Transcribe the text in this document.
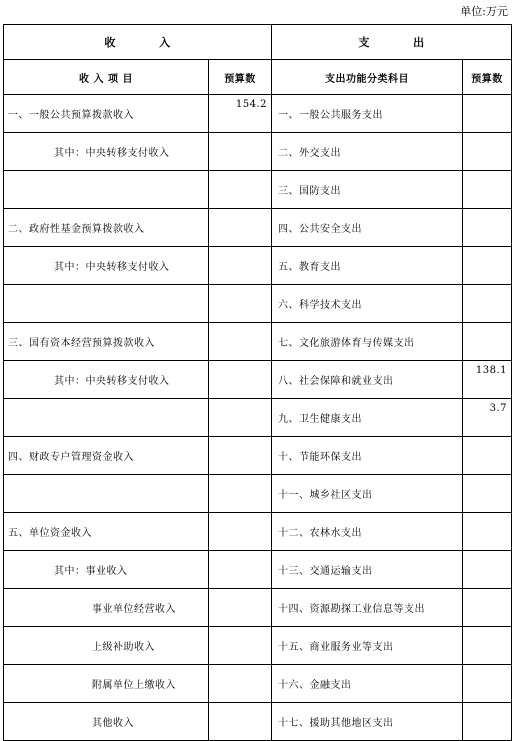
单位:万元
收          入		支          出	
收 入 项 目	预算数	支出功能分类科目	预算数
一、一般公共预算拨款收入	154.2	一、一般公共服务支出	
其中：中央转移支付收入		二、外交支出	
		三、国防支出	
二、政府性基金预算拨款收入		四、公共安全支出	
其中：中央转移支付收入		五、教育支出	
		六、科学技术支出	
三、国有资本经营预算拨款收入		七、文化旅游体育与传媒支出	
其中：中央转移支付收入		八、社会保障和就业支出	138.1
		九、卫生健康支出	3.7
四、财政专户管理资金收入		十、节能环保支出	
		十一、城乡社区支出	
五、单位资金收入		十二、农林水支出	
其中：事业收入		十三、交通运输支出	
事业单位经营收入		十四、资源勘探工业信息等支出	
上级补助收入		十五、商业服务业等支出	
附属单位上缴收入		十六、金融支出	
其他收入		十七、援助其他地区支出	
